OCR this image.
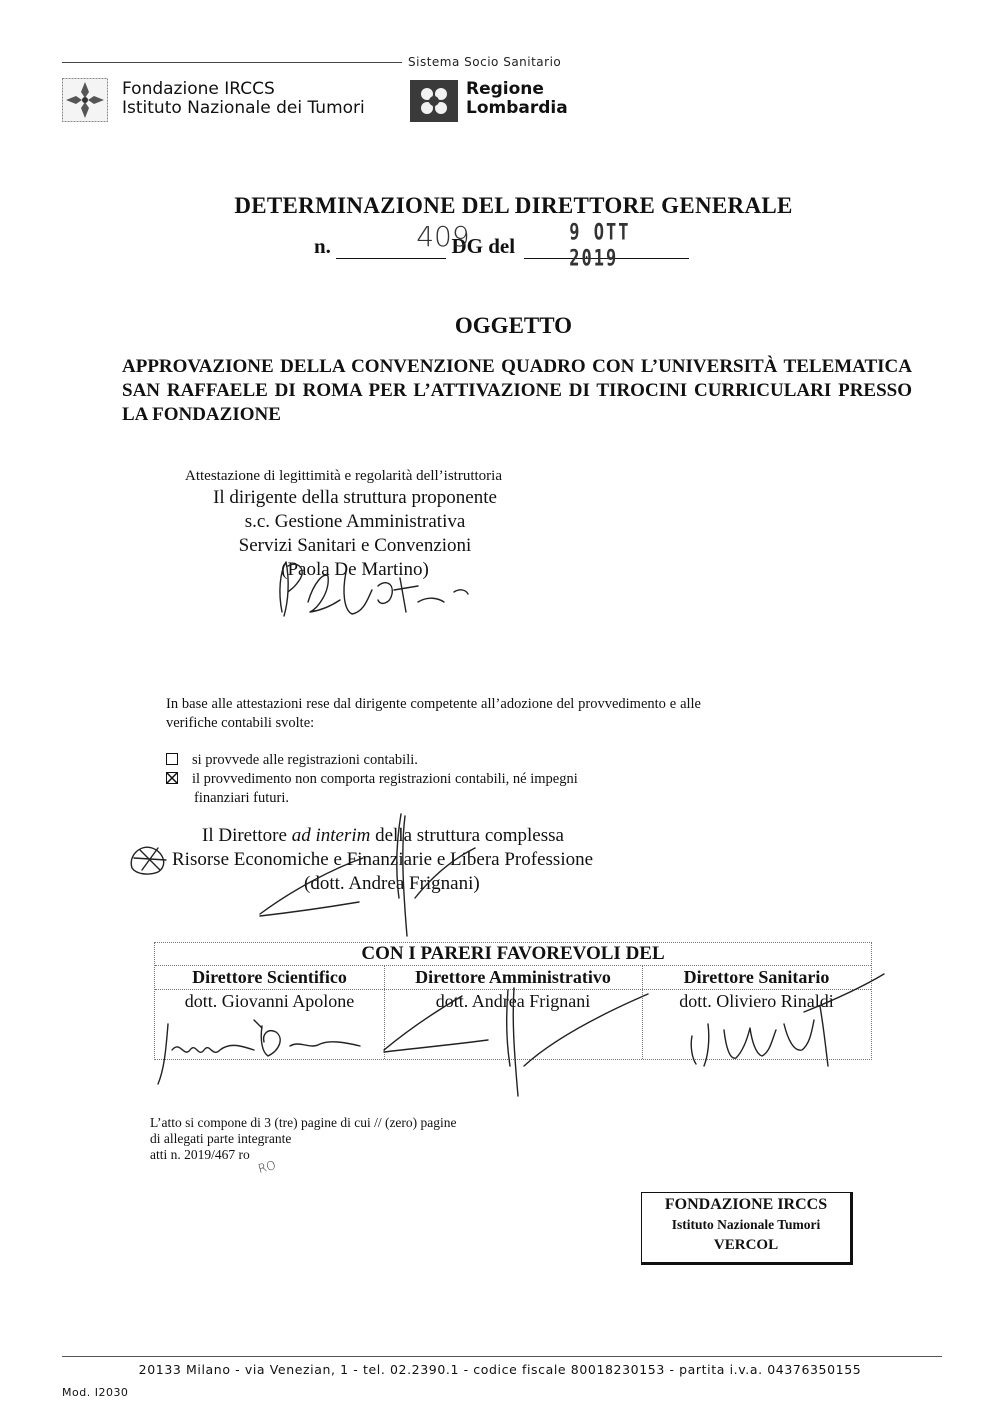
Sistema Socio Sanitario
Fondazione IRCCS
Istituto Nazionale dei Tumori
Regione
Lombardia
DETERMINAZIONE DEL DIRETTORE GENERALE
n.	409
DG del	9 OTT 2019
OGGETTO
APPROVAZIONE DELLA CONVENZIONE QUADRO CON L’UNIVERSITÀ TELEMATICA SAN RAFFAELE DI ROMA PER L’ATTIVAZIONE DI TIROCINI CURRICULARI PRESSO LA FONDAZIONE
Attestazione di legittimità e regolarità dell’istruttoria
Il dirigente della struttura proponente
s.c. Gestione Amministrativa
Servizi Sanitari e Convenzioni
(Paola De Martino)
In base alle attestazioni rese dal dirigente competente all’adozione del provvedimento e alle verifiche contabili svolte:
si provvede alle registrazioni contabili.
il provvedimento non comporta registrazioni contabili, né impegni
finanziari futuri.
Il Direttore ad interim della struttura complessa
Risorse Economiche e Finanziarie e Libera Professione
(dott. Andrea Frignani)
CON I PARERI FAVOREVOLI DEL
Direttore Scientifico	Direttore Amministrativo	Direttore Sanitario
dott. Giovanni Apolone	dott. Andrea Frignani	dott. Oliviero Rinaldi
L’atto si compone di 3 (tre) pagine di cui // (zero) pagine
di allegati parte integrante
atti n. 2019/467 ro
RO
FONDAZIONE IRCCS
Istituto Nazionale Tumori
VERCOL
20133 Milano - via Venezian, 1 - tel. 02.2390.1 - codice fiscale 80018230153 - partita i.v.a. 04376350155
Mod. I2030
